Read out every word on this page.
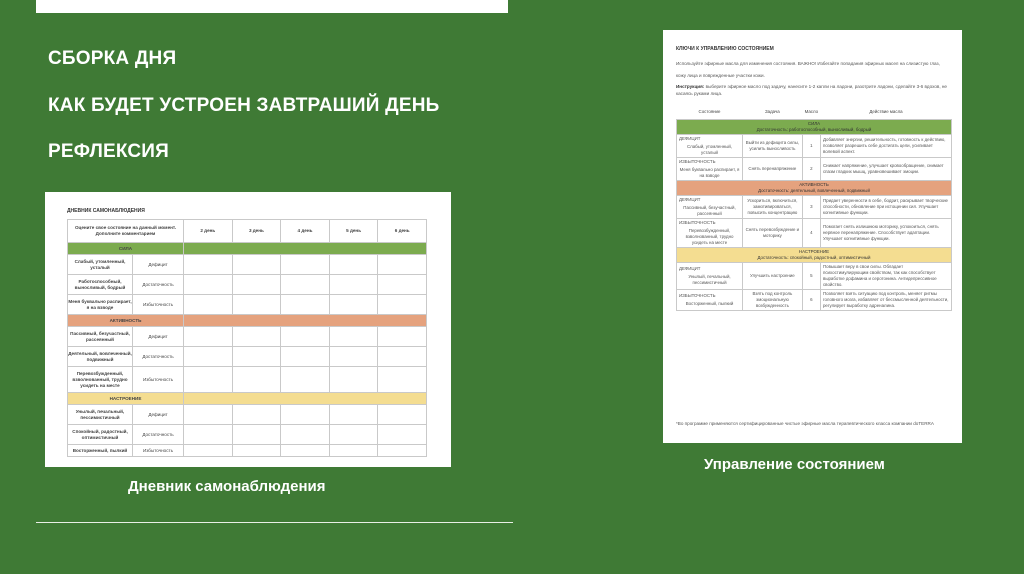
СБОРКА ДНЯ
КАК БУДЕТ УСТРОЕН ЗАВТРАШИЙ ДЕНЬ
РЕФЛЕКСИЯ
ДНЕВНИК САМОНАБЛЮДЕНИЯ
Оцените свое состояние на данный момент. Дополните комментарием		2 день	3 день	4 день	5 день	6 день
СИЛА						
Слабый, утомленный, усталый	Дефицит					
Работоспособный, выносливый, бодрый	Достаточность					
Меня буквально распирает, я на взводе	Избыточность					
АКТИВНОСТЬ						
Пассивный, безучастный, рассеянный	Дефицит					
Деятельный, вовлеченный, подвижный	Достаточность					
Перевозбужденный, взволнованный, трудно усидеть на месте	Избыточность					
НАСТРОЕНИЕ						
Унылый, печальный, пессимистичный	Дефицит					
Спокойный, радостный, оптимистичный	Достаточность					
Восторженный, пылкий	Избыточность					
Дневник самонаблюдения
КЛЮЧИ К УПРАВЛЕНИЮ СОСТОЯНИЕМ
Используйте эфирные масла для изменения состояния. ВАЖНО! Избегайте попадания эфирных масел на слизистую глаз, кожу лица и поврежденные участки кожи.
Инструкция: выберите эфирное масло под задачу, нанесите 1-2 капли на ладони, разотрите ладони, сделайте 3-6 вдохов, не касаясь руками лица.
Состояние	Задача	Масло	Действие масла

СИЛА
Достаточность: работоспособный, выносливый, бодрый			

ДЕФИЦИТ
Слабый, утомленный, усталый	Выйти из дефицита силы, усилить выносливость	1	Добавляет энергии, решительность, готовность к действию, позволяет разрешить себе достигать цели, усиливает волевой аспект.

ИЗБЫТОЧНОСТЬ
Меня буквально распирает, я на взводе	Снять перенапряжение	2	Снижает напряжение, улучшает кровообращение, снимает спазм гладких мышц, уравновешивает эмоции.

АКТИВНОСТЬ
Достаточность: деятельный, вовлеченный, подвижный			

ДЕФИЦИТ
Пассивный, безучастный, рассеянный	Ускориться, включиться, замотивироваться, повысить концентрацию	3	Придает уверенности в себе, бодрит, раскрывает творческие способности, обновление при истощении сил. Улучшает когнитивные функции.

ИЗБЫТОЧНОСТЬ
Перевозбужденный, взволнованный, трудно усидеть на месте	Снять перевозбуждение и моторику	4	Помогает снять излишнюю моторику, успокоиться, снять нервное перенапряжение. Способствует адаптации. Улучшает когнитивные функции.

НАСТРОЕНИЕ
Достаточность: спокойный, радостный, оптимистичный			

ДЕФИЦИТ
Унылый, печальный, пессимистичный	Улучшить настроение	5	Повышает веру в свои силы. Обладает психостимулирующим свойством, так как способствует выработке дофамина и серотонина. Антидепрессивное свойство.

ИЗБЫТОЧНОСТЬ
Восторженный, пылкий	Взять под контроль эмоциональную возбужденность	6	Позволяет взять ситуацию под контроль, меняет ритмы головного мозга, избавляет от бессмысленной деятельности, регулирует выработку адреналина.
*Во программе применяются сертифицированные чистые эфирные масла терапевтического класса компании doTERRA
Управление состоянием
